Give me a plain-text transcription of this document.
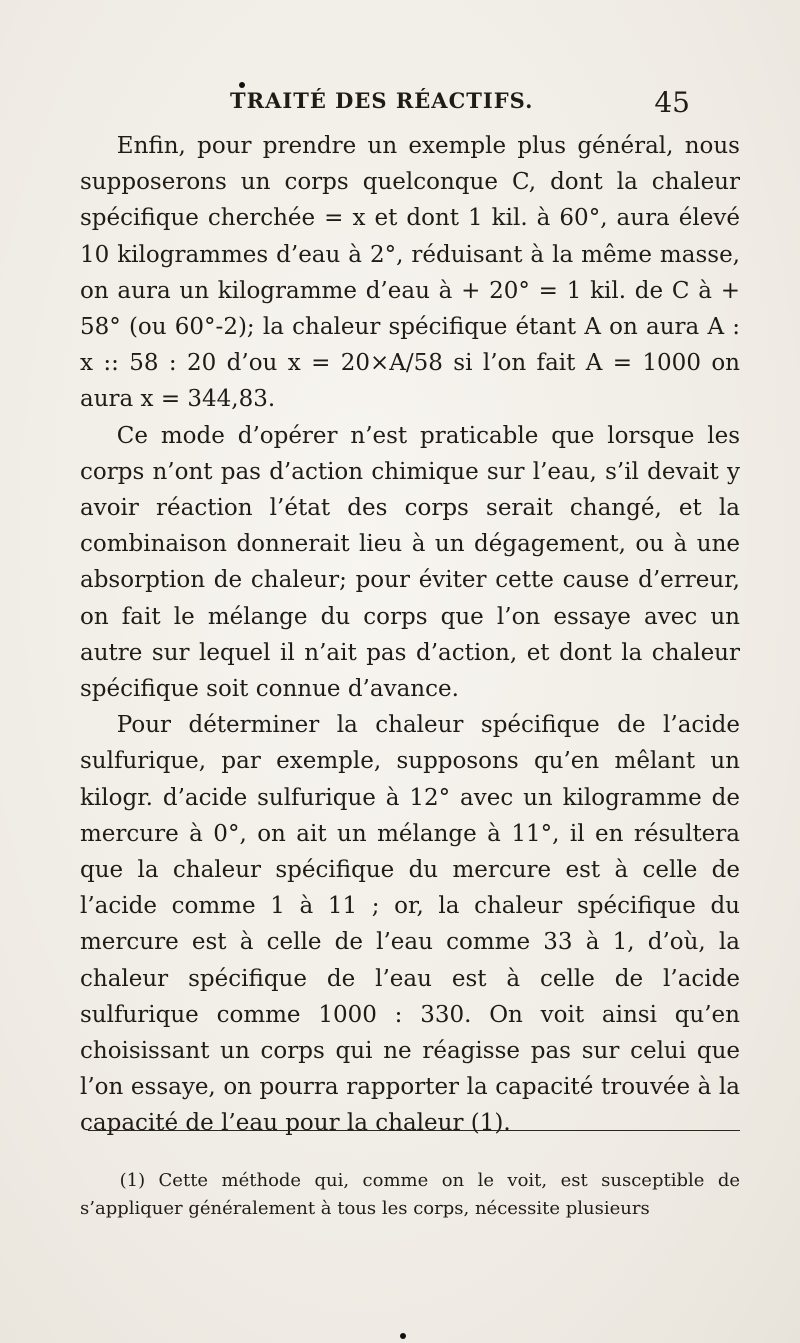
TRAITÉ DES RÉACTIFS.	45

Enfin, pour prendre un exemple plus général, nous supposerons un corps quelconque C, dont la chaleur spécifique cherchée = x et dont 1 kil. à 60°, aura élevé 10 kilogrammes d’eau à 2°, réduisant à la même masse, on aura un kilogramme d’eau à + 20° = 1 kil. de C à + 58° (ou 60°-2); la chaleur spécifique étant A on aura A : x :: 58 : 20 d’ou x = 20×A/58 si l’on fait A = 1000 on aura x = 344,83.

Ce mode d’opérer n’est praticable que lorsque les corps n’ont pas d’action chimique sur l’eau, s’il devait y avoir réaction l’état des corps serait changé, et la combinaison donnerait lieu à un dégagement, ou à une absorption de chaleur; pour éviter cette cause d’erreur, on fait le mélange du corps que l’on essaye avec un autre sur lequel il n’ait pas d’action, et dont la chaleur spécifique soit connue d’avance.

Pour déterminer la chaleur spécifique de l’acide sulfurique, par exemple, supposons qu’en mêlant un kilogr. d’acide sulfurique à 12° avec un kilogramme de mercure à 0°, on ait un mélange à 11°, il en résultera que la chaleur spécifique du mercure est à celle de l’acide comme 1 à 11 ; or, la chaleur spécifique du mercure est à celle de l’eau comme 33 à 1, d’où, la chaleur spécifique de l’eau est à celle de l’acide sulfurique comme 1000 : 330. On voit ainsi qu’en choisissant un corps qui ne réagisse pas sur celui que l’on essaye, on pourra rapporter la capacité trouvée à la capacité de l’eau pour la chaleur (1).

(1) Cette méthode qui, comme on le voit, est susceptible de s’appliquer généralement à tous les corps, nécessite plusieurs
